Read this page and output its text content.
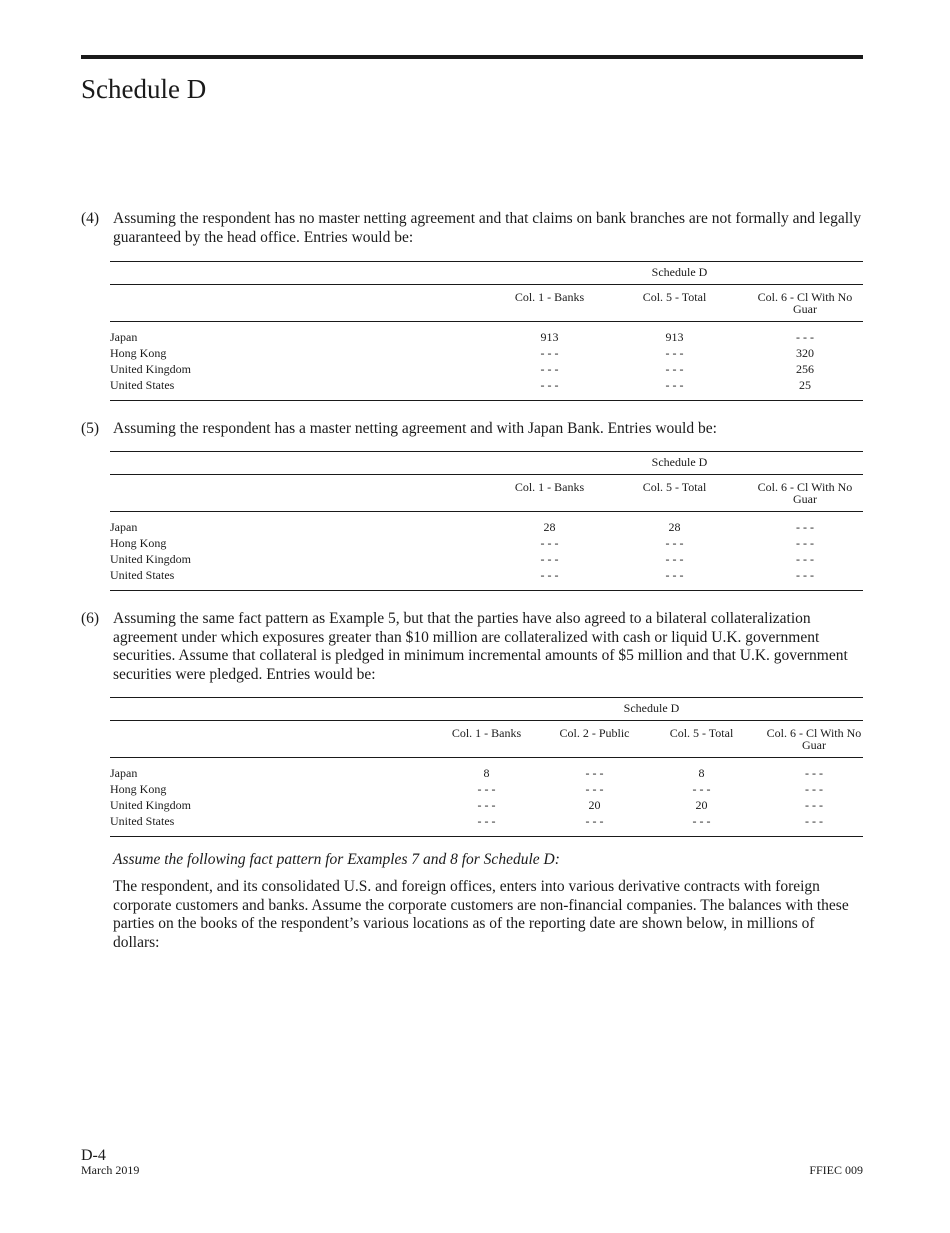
Schedule D
(4) Assuming the respondent has no master netting agreement and that claims on bank branches are not formally and legally guaranteed by the head office. Entries would be:
Schedule D
Col. 1 - Banks	Col. 5 - Total	Col. 6 - Cl With No Guar
Japan	913	913	- - -
Hong Kong	- - -	- - -	320
United Kingdom	- - -	- - -	256
United States	- - -	- - -	25
(5) Assuming the respondent has a master netting agreement and with Japan Bank. Entries would be:
Schedule D
Col. 1 - Banks	Col. 5 - Total	Col. 6 - Cl With No Guar
Japan	28	28	- - -
Hong Kong	- - -	- - -	- - -
United Kingdom	- - -	- - -	- - -
United States	- - -	- - -	- - -
(6) Assuming the same fact pattern as Example 5, but that the parties have also agreed to a bilateral collateralization agreement under which exposures greater than $10 million are collateralized with cash or liquid U.K. government securities. Assume that collateral is pledged in minimum incremental amounts of $5 million and that U.K. government securities were pledged. Entries would be:
Schedule D
Col. 1 - Banks	Col. 2 - Public	Col. 5 - Total	Col. 6 - Cl With No Guar
Japan	8	- - -	8	- - -
Hong Kong	- - -	- - -	- - -	- - -
United Kingdom	- - -	20	20	- - -
United States	- - -	- - -	- - -	- - -
Assume the following fact pattern for Examples 7 and 8 for Schedule D:
The respondent, and its consolidated U.S. and foreign offices, enters into various derivative contracts with foreign corporate customers and banks. Assume the corporate customers are non-financial companies. The balances with these parties on the books of the respondent’s various locations as of the reporting date are shown below, in millions of dollars:
D-4
March 2019	FFIEC 009
